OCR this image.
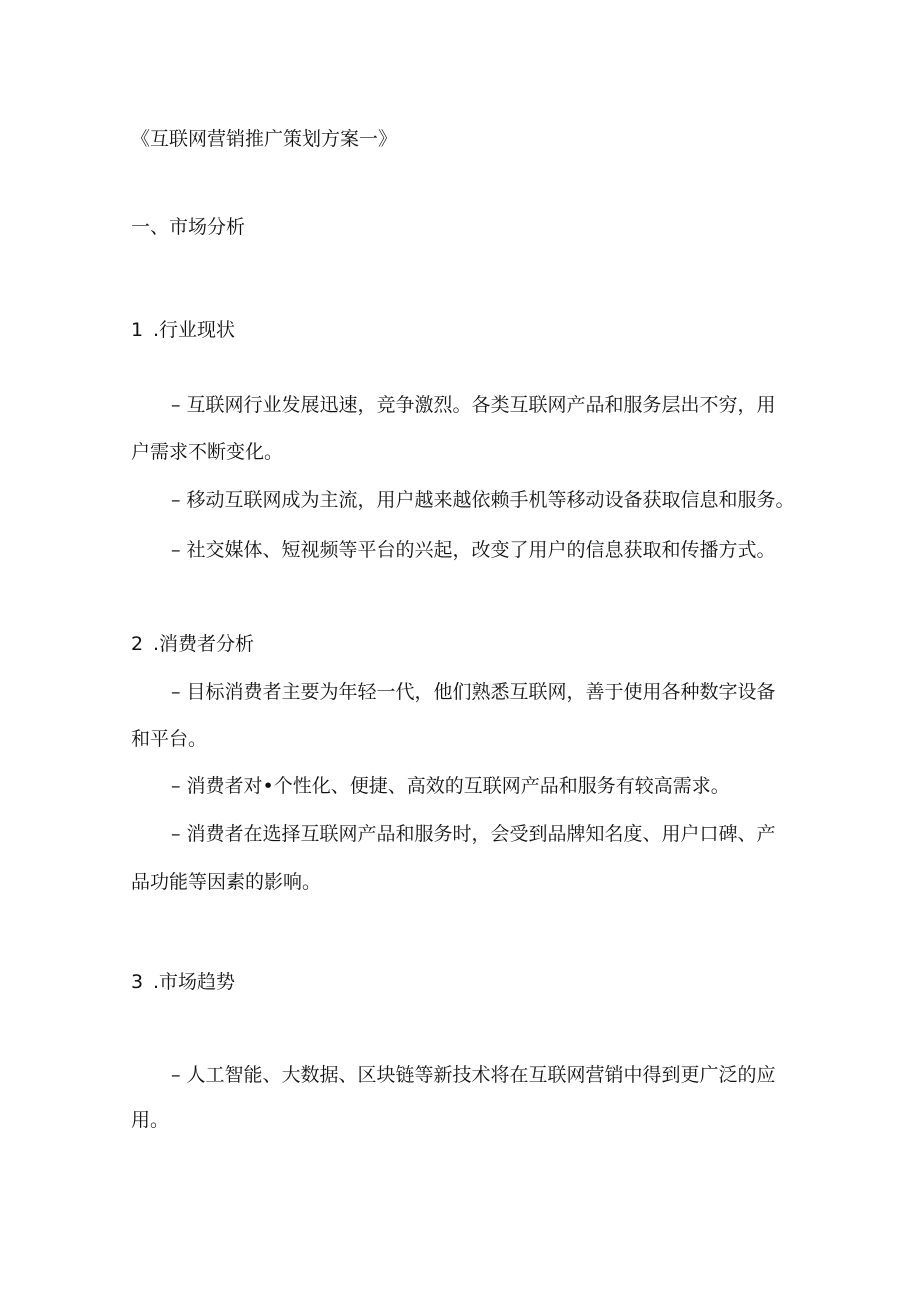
《互联网营销推广策划方案一》
一、市场分析
1 .行业现状
– 互联网行业发展迅速，竞争激烈。各类互联网产品和服务层出不穷，用
户需求不断变化。
– 移动互联网成为主流，用户越来越依赖手机等移动设备获取信息和服务。
– 社交媒体、短视频等平台的兴起，改变了用户的信息获取和传播方式。
2 .消费者分析
– 目标消费者主要为年轻一代，他们熟悉互联网，善于使用各种数字设备
和平台。
– 消费者对•个性化、便捷、高效的互联网产品和服务有较高需求。
– 消费者在选择互联网产品和服务时，会受到品牌知名度、用户口碑、产
品功能等因素的影响。
3 .市场趋势
– 人工智能、大数据、区块链等新技术将在互联网营销中得到更广泛的应
用。
